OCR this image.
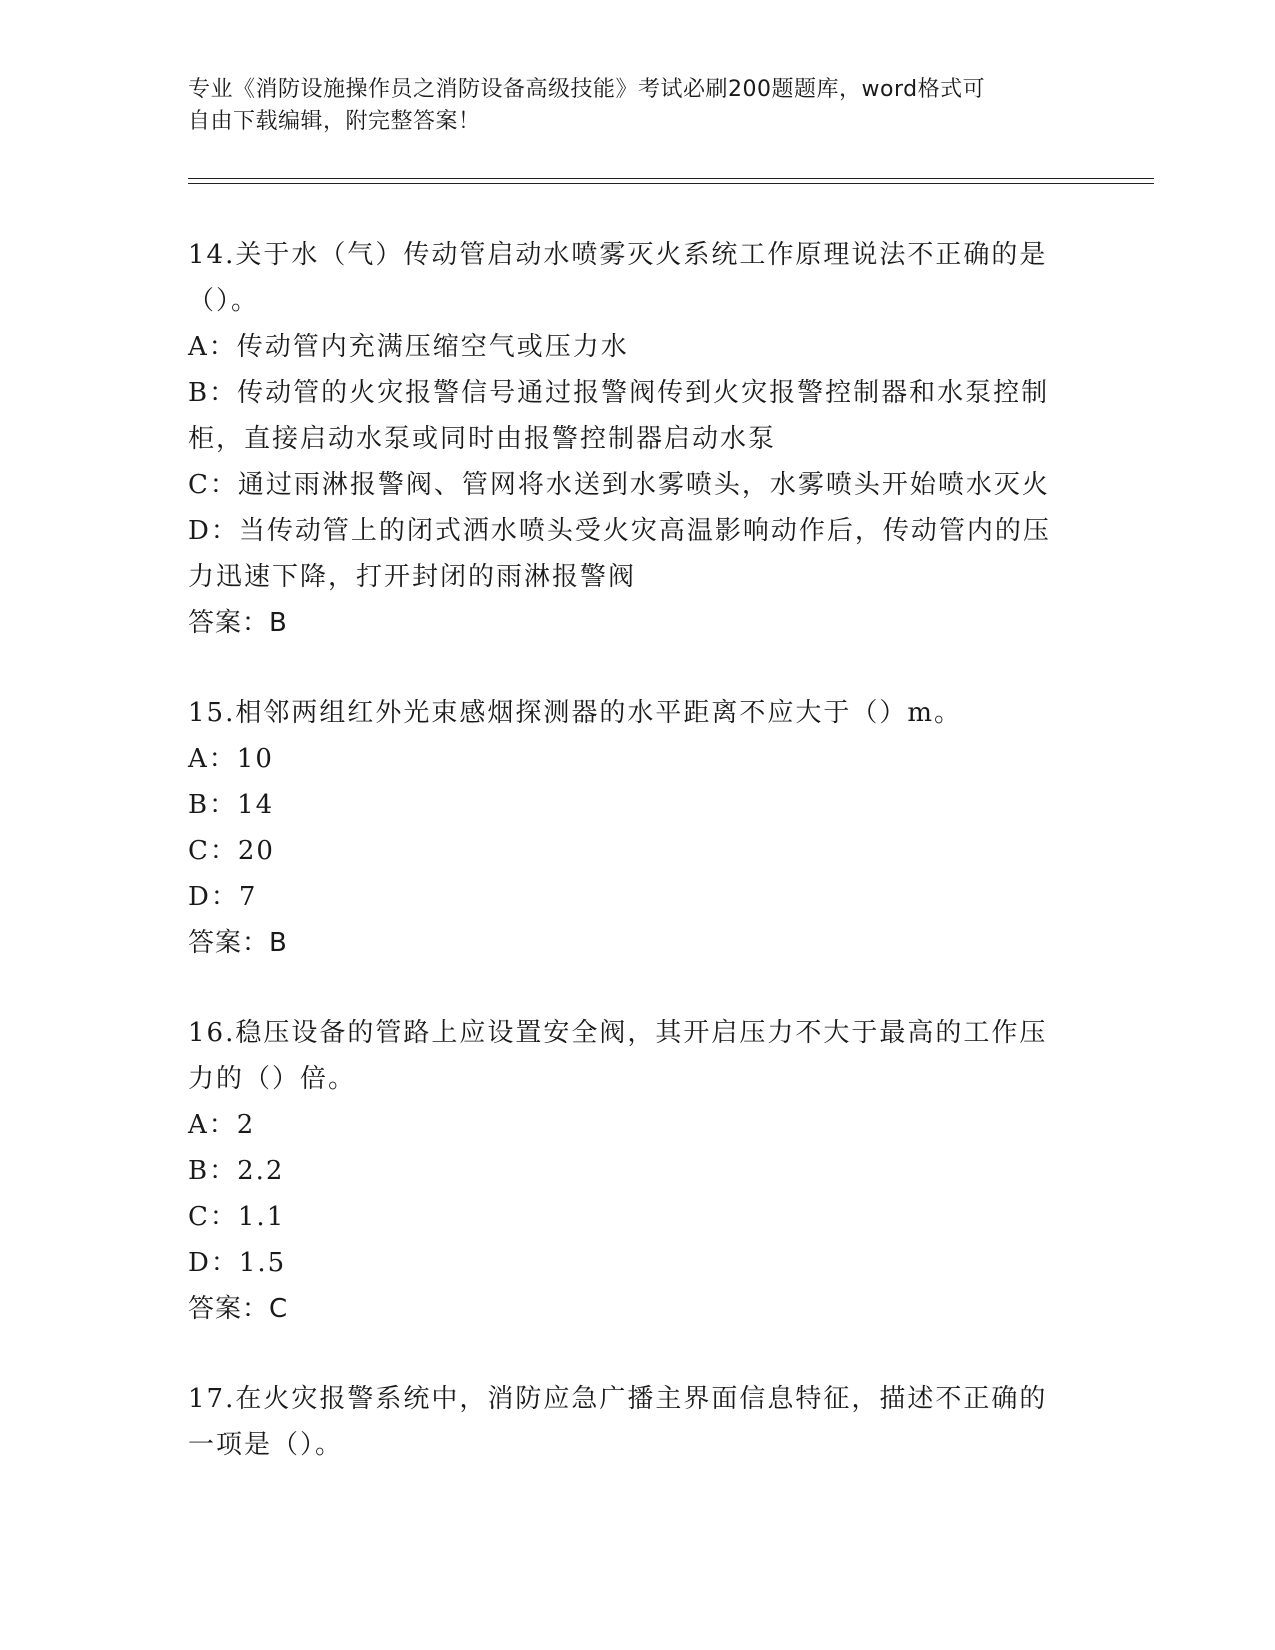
专业《消防设施操作员之消防设备高级技能》考试必刷200题题库，word格式可
自由下载编辑，附完整答案！
14.关于水（气）传动管启动水喷雾灭火系统工作原理说法不正确的是
（）。
A：传动管内充满压缩空气或压力水
B：传动管的火灾报警信号通过报警阀传到火灾报警控制器和水泵控制
柜，直接启动水泵或同时由报警控制器启动水泵
C：通过雨淋报警阀、管网将水送到水雾喷头，水雾喷头开始喷水灭火
D：当传动管上的闭式洒水喷头受火灾高温影响动作后，传动管内的压
力迅速下降，打开封闭的雨淋报警阀
答案：B
15.相邻两组红外光束感烟探测器的水平距离不应大于（）m。
A：10
B：14
C：20
D：7
答案：B
16.稳压设备的管路上应设置安全阀，其开启压力不大于最高的工作压
力的（）倍。
A：2
B：2.2
C：1.1
D：1.5
答案：C
17.在火灾报警系统中，消防应急广播主界面信息特征，描述不正确的
一项是（）。
